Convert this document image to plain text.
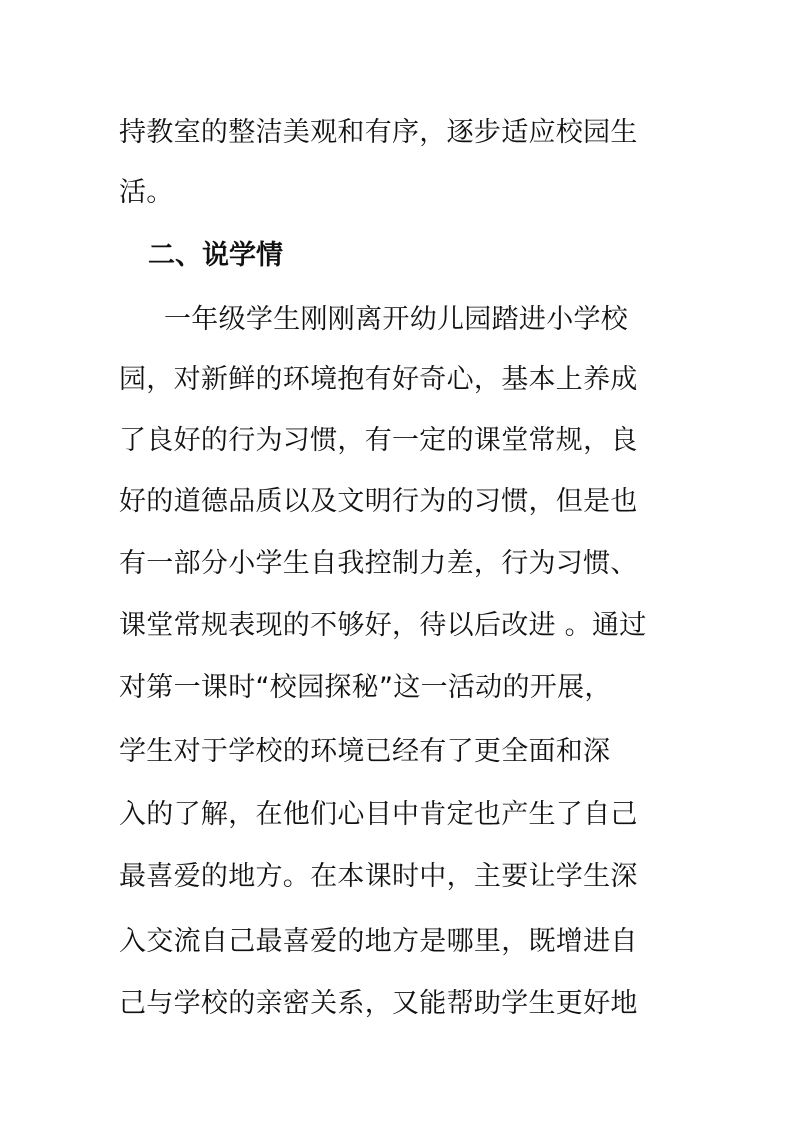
持教室的整洁美观和有序，逐步适应校园生
活。
二、说学情
一年级学生刚刚离开幼儿园踏进小学校
园，对新鲜的环境抱有好奇心，基本上养成
了良好的行为习惯，有一定的课堂常规，良
好的道德品质以及文明行为的习惯，但是也
有一部分小学生自我控制力差，行为习惯、
课堂常规表现的不够好，待以后改进 。通过
对第一课时“校园探秘”这一活动的开展，
学生对于学校的环境已经有了更全面和深
入的了解，在他们心目中肯定也产生了自己
最喜爱的地方。在本课时中，主要让学生深
入交流自己最喜爱的地方是哪里，既增进自
己与学校的亲密关系，又能帮助学生更好地
